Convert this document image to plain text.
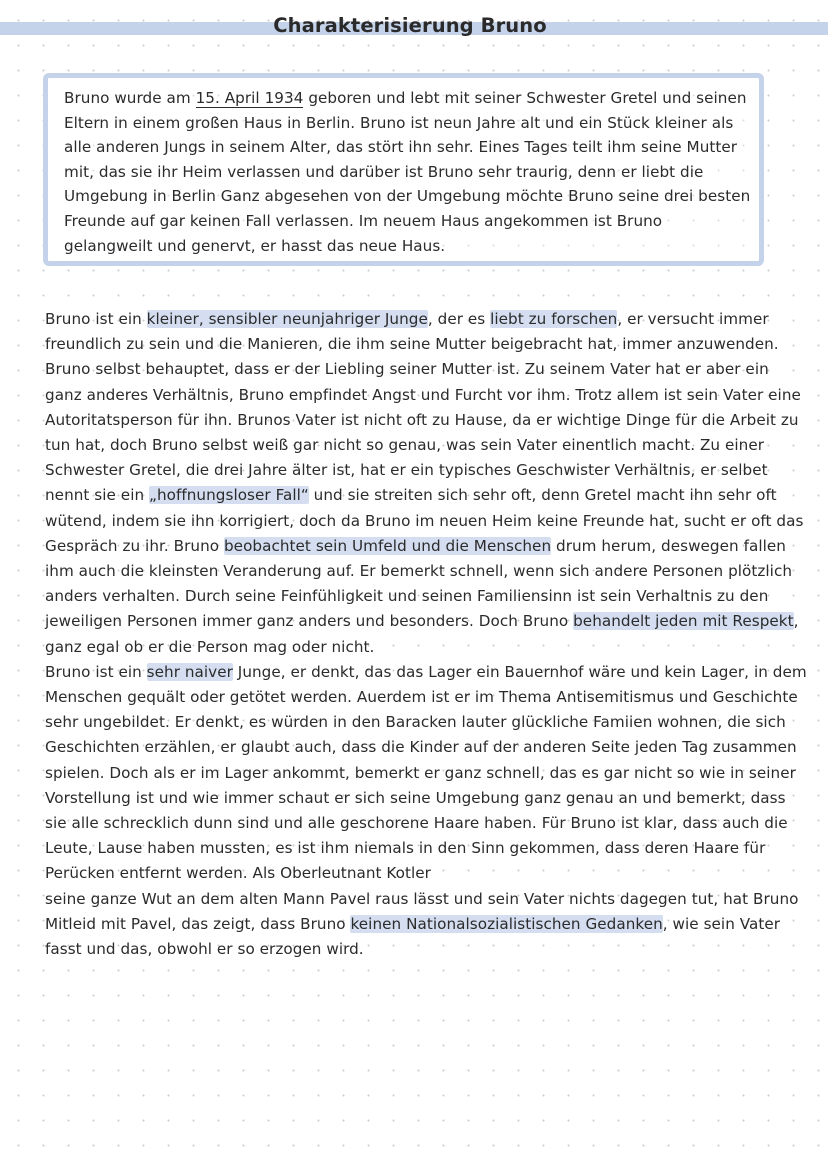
Charakterisierung Bruno

Bruno wurde am 15. April 1934 geboren und lebt mit seiner Schwester Gretel und seinen Eltern in einem großen Haus in Berlin. Bruno ist neun Jahre alt und ein Stück kleiner als alle anderen Jungs in seinem Alter, das stört ihn sehr. Eines Tages teilt ihm seine Mutter mit, das sie ihr Heim verlassen und darüber ist Bruno sehr traurig, denn er liebt die Umgebung in Berlin Ganz abgesehen von der Umgebung möchte Bruno seine drei besten Freunde auf gar keinen Fall verlassen. Im neuem Haus angekommen ist Bruno gelangweilt und genervt, er hasst das neue Haus.

Bruno ist ein kleiner, sensibler neunjahriger Junge, der es liebt zu forschen, er versucht immer freundlich zu sein und die Manieren, die ihm seine Mutter beigebracht hat, immer anzuwenden. Bruno selbst behauptet, dass er der Liebling seiner Mutter ist. Zu seinem Vater hat er aber ein ganz anderes Verhältnis, Bruno empfindet Angst und Furcht vor ihm. Trotz allem ist sein Vater eine Autoritatsperson für ihn. Brunos Vater ist nicht oft zu Hause, da er wichtige Dinge für die Arbeit zu tun hat, doch Bruno selbst weiß gar nicht so genau, was sein Vater einentlich macht. Zu einer Schwester Gretel, die drei Jahre älter ist, hat er ein typisches Geschwister Verhältnis, er selbet nennt sie ein „hoffnungsloser Fall“ und sie streiten sich sehr oft, denn Gretel macht ihn sehr oft wütend, indem sie ihn korrigiert, doch da Bruno im neuen Heim keine Freunde hat, sucht er oft das Gespräch zu ihr. Bruno beobachtet sein Umfeld und die Menschen drum herum, deswegen fallen ihm auch die kleinsten Veranderung auf. Er bemerkt schnell, wenn sich andere Personen plötzlich anders verhalten. Durch seine Feinfühligkeit und seinen Familiensinn ist sein Verhaltnis zu den jeweiligen Personen immer ganz anders und besonders. Doch Bruno behandelt jeden mit Respekt, ganz egal ob er die Person mag oder nicht.
Bruno ist ein sehr naiver Junge, er denkt, das das Lager ein Bauernhof wäre und kein Lager, in dem Menschen gequält oder getötet werden. Auerdem ist er im Thema Antisemitismus und Geschichte sehr ungebildet. Er denkt, es würden in den Baracken lauter glückliche Famiien wohnen, die sich Geschichten erzählen, er glaubt auch, dass die Kinder auf der anderen Seite jeden Tag zusammen spielen. Doch als er im Lager ankommt, bemerkt er ganz schnell, das es gar nicht so wie in seiner Vorstellung ist und wie immer schaut er sich seine Umgebung ganz genau an und bemerkt, dass sie alle schrecklich dunn sind und alle geschorene Haare haben. Für Bruno ist klar, dass auch die Leute, Lause haben mussten, es ist ihm niemals in den Sinn gekommen, dass deren Haare für Perücken entfernt werden. Als Oberleutnant Kotler
seine ganze Wut an dem alten Mann Pavel raus lässt und sein Vater nichts dagegen tut, hat Bruno Mitleid mit Pavel, das zeigt, dass Bruno keinen Nationalsozialistischen Gedanken, wie sein Vater fasst und das, obwohl er so erzogen wird.
